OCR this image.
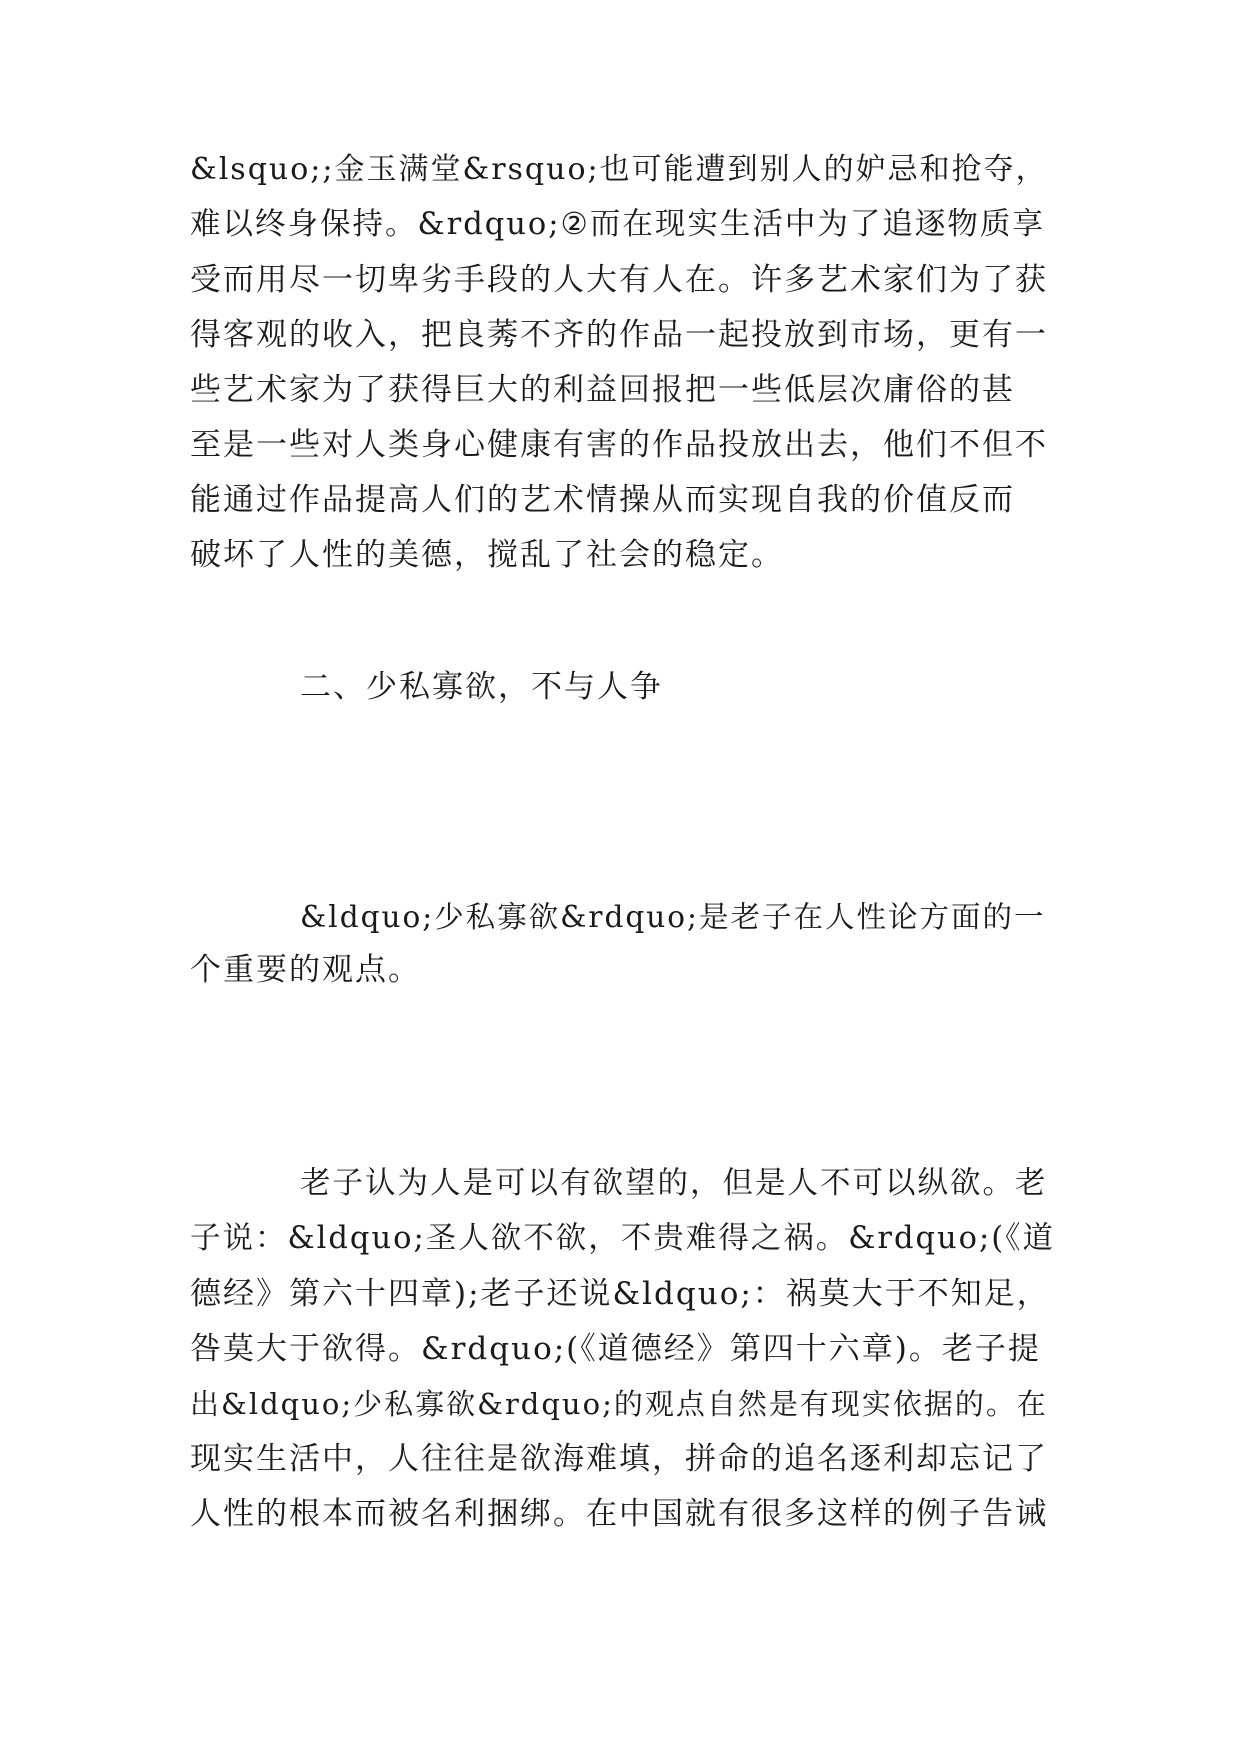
&lsquo;;金玉满堂&rsquo;也可能遭到别人的妒忌和抢夺，
难以终身保持。&rdquo;②而在现实生活中为了追逐物质享
受而用尽一切卑劣手段的人大有人在。许多艺术家们为了获
得客观的收入，把良莠不齐的作品一起投放到市场，更有一
些艺术家为了获得巨大的利益回报把一些低层次庸俗的甚
至是一些对人类身心健康有害的作品投放出去，他们不但不
能通过作品提高人们的艺术情操从而实现自我的价值反而
破坏了人性的美德，搅乱了社会的稳定。
二、少私寡欲，不与人争
&ldquo;少私寡欲&rdquo;是老子在人性论方面的一
个重要的观点。
老子认为人是可以有欲望的，但是人不可以纵欲。老
子说：&ldquo;圣人欲不欲，不贵难得之祸。&rdquo;(《道
德经》第六十四章);老子还说&ldquo;：祸莫大于不知足，
咎莫大于欲得。&rdquo;(《道德经》第四十六章)。老子提
出&ldquo;少私寡欲&rdquo;的观点自然是有现实依据的。在
现实生活中，人往往是欲海难填，拼命的追名逐利却忘记了
人性的根本而被名利捆绑。在中国就有很多这样的例子告诫
